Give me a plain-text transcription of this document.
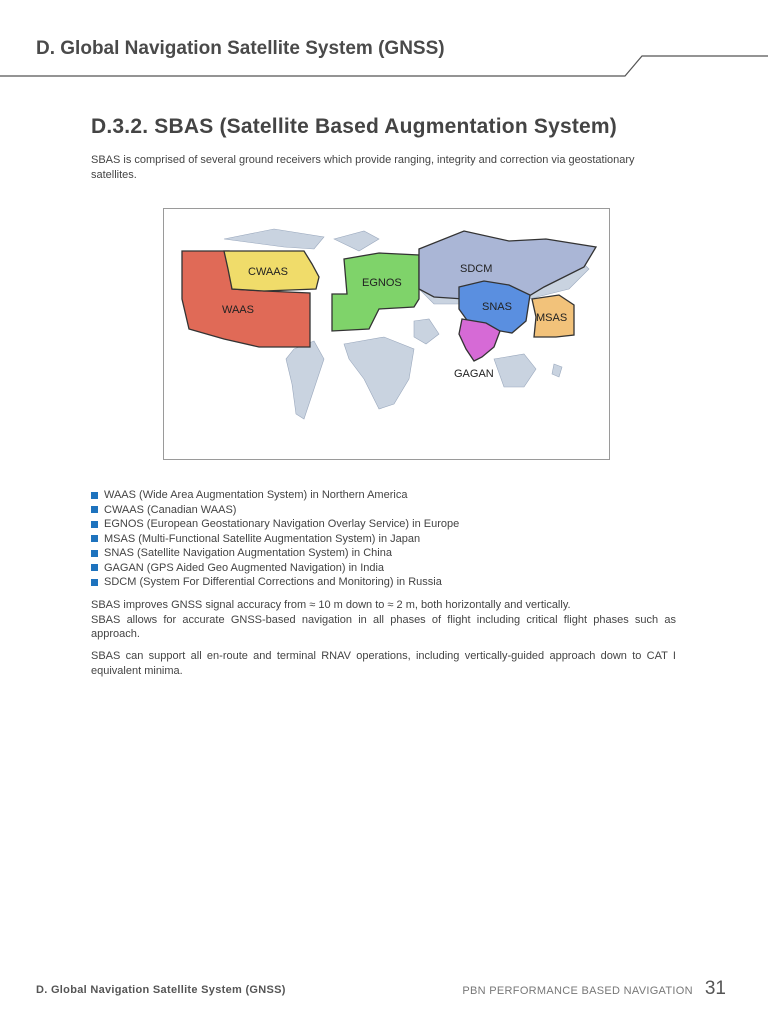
D. Global Navigation Satellite System (GNSS)
D.3.2. SBAS (Satellite Based Augmentation System)
SBAS is comprised of several ground receivers which provide ranging, integrity and correction via geostationary satellites.
CWAAS
WAAS
EGNOS
SDCM
SNAS
MSAS
GAGAN
WAAS (Wide Area Augmentation System) in Northern America
CWAAS (Canadian WAAS)
EGNOS (European Geostationary Navigation Overlay Service) in Europe
MSAS (Multi-Functional Satellite Augmentation System) in Japan
SNAS (Satellite Navigation Augmentation System) in China
GAGAN (GPS Aided Geo Augmented Navigation) in India
SDCM (System For Differential Corrections and Monitoring) in Russia

SBAS improves GNSS signal accuracy from ≈ 10 m down to ≈ 2 m, both horizontally and vertically.

SBAS allows for accurate GNSS-based navigation in all phases of flight including critical flight phases such as approach.

SBAS can support all en-route and terminal RNAV operations, including vertically-guided approach down to CAT I equivalent minima.

D. Global Navigation Satellite System (GNSS)	PBN PERFORMANCE BASED NAVIGATION 31
